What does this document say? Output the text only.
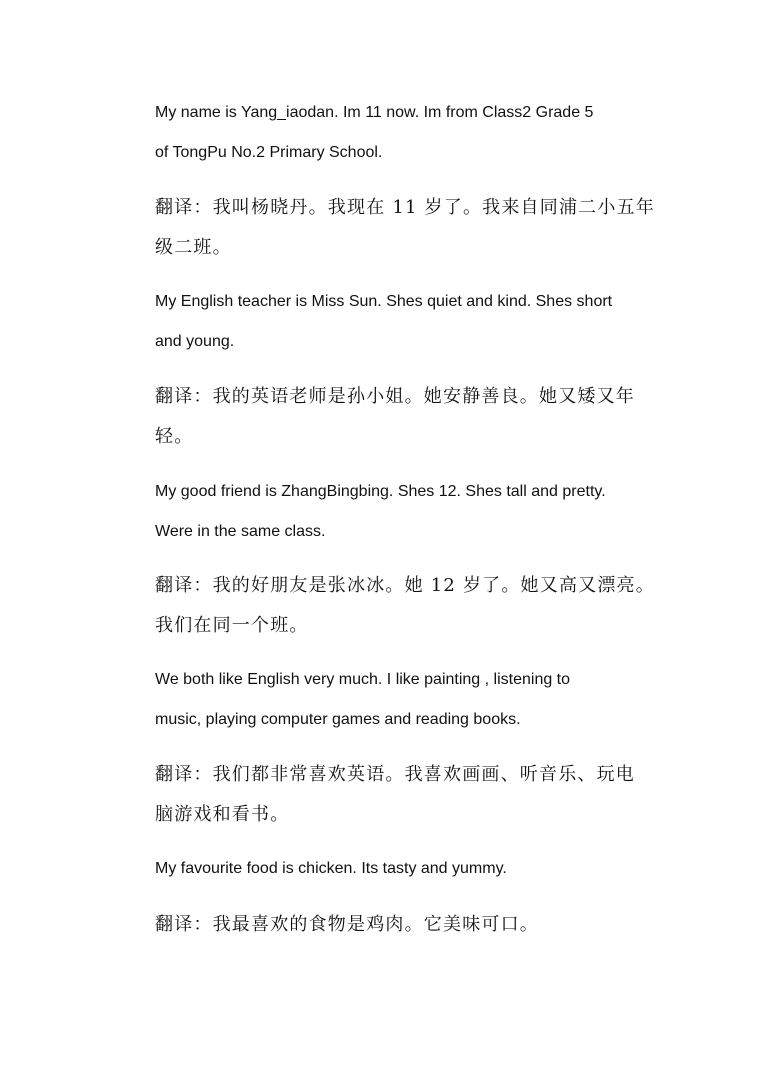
My name is Yang_iaodan. Im 11 now. Im from Class2 Grade 5
of TongPu No.2 Primary School.

翻译：我叫杨晓丹。我现在 11 岁了。我来自同浦二小五年
级二班。

My English teacher is Miss Sun. Shes quiet and kind. Shes short
and young.

翻译：我的英语老师是孙小姐。她安静善良。她又矮又年
轻。

My good friend is ZhangBingbing. Shes 12. Shes tall and pretty.
Were in the same class.

翻译：我的好朋友是张冰冰。她 12 岁了。她又高又漂亮。
我们在同一个班。

We both like English very much. I like painting , listening to
music, playing computer games and reading books.

翻译：我们都非常喜欢英语。我喜欢画画、听音乐、玩电
脑游戏和看书。

My favourite food is chicken. Its tasty and yummy.

翻译：我最喜欢的食物是鸡肉。它美味可口。
